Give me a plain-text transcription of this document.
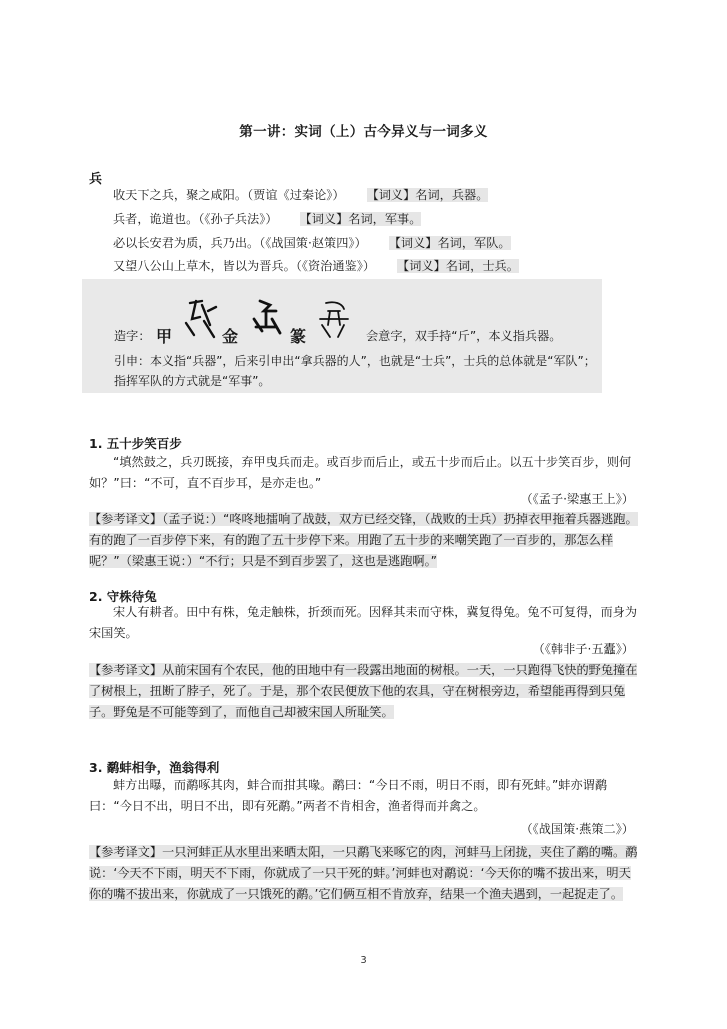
第一讲：实词（上）古今异义与一词多义
兵
收天下之兵，聚之咸阳。（贾谊《过秦论》） 【词义】名词，兵器。
兵者，诡道也。（《孙子兵法》） 【词义】名词，军事。
必以长安君为质，兵乃出。（《战国策·赵策四》） 【词义】名词，军队。
又望八公山上草木，皆以为晋兵。（《资治通鉴》） 【词义】名词，士兵。
造字： 甲	金	篆	会意字，双手持“斤”，本义指兵器。
引申：本义指“兵器”，后来引申出“拿兵器的人”，也就是“士兵”，士兵的总体就是“军队”；指挥军队的方式就是“军事”。
1. 五十步笑百步
“填然鼓之，兵刃既接，弃甲曳兵而走。或百步而后止，或五十步而后止。以五十步笑百步，则何如？”曰：“不可，直不百步耳，是亦走也。”
（《孟子·梁惠王上》）
【参考译文】（孟子说：）“咚咚地擂响了战鼓，双方已经交锋，（战败的士兵）扔掉衣甲拖着兵器逃跑。有的跑了一百步停下来，有的跑了五十步停下来。用跑了五十步的来嘲笑跑了一百步的，那怎么样呢？”（梁惠王说：）“不行；只是不到百步罢了，这也是逃跑啊。”
2. 守株待兔
宋人有耕者。田中有株，兔走触株，折颈而死。因释其耒而守株，冀复得兔。兔不可复得，而身为宋国笑。
（《韩非子·五蠹》）
【参考译文】从前宋国有个农民，他的田地中有一段露出地面的树根。一天，一只跑得飞快的野兔撞在了树根上，扭断了脖子，死了。于是，那个农民便放下他的农具，守在树根旁边，希望能再得到只兔子。野兔是不可能等到了，而他自己却被宋国人所耻笑。
3. 鹬蚌相争，渔翁得利
蚌方出曝，而鹬啄其肉，蚌合而拑其喙。鹬曰：“今日不雨，明日不雨，即有死蚌。”蚌亦谓鹬曰：“今日不出，明日不出，即有死鹬。”两者不肯相舍，渔者得而并禽之。
（《战国策·燕策二》）
【参考译文】一只河蚌正从水里出来晒太阳，一只鹬飞来啄它的肉，河蚌马上闭拢，夹住了鹬的嘴。鹬说：‘今天不下雨，明天不下雨，你就成了一只干死的蚌。’河蚌也对鹬说：‘今天你的嘴不拔出来，明天你的嘴不拔出来，你就成了一只饿死的鹬。’它们俩互相不肯放弃，结果一个渔夫遇到，一起捉走了。
3
